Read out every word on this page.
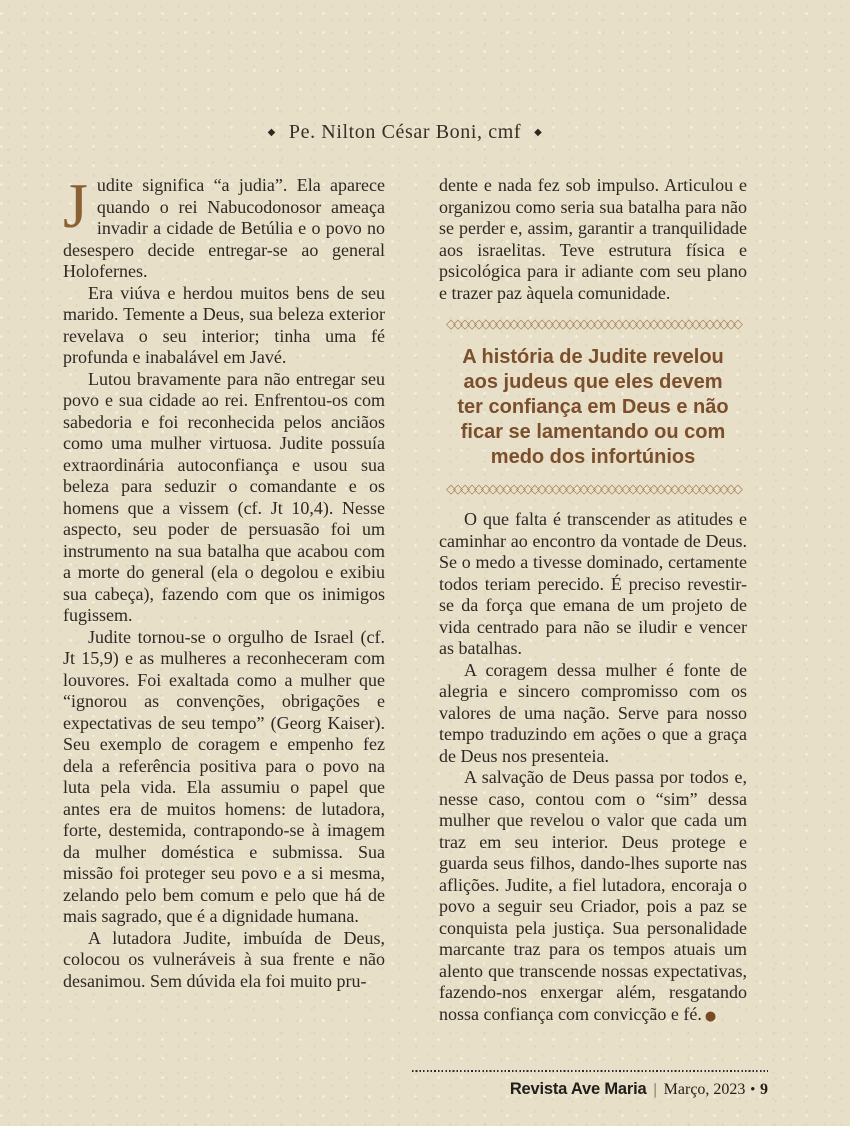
◆ Pe. Nilton César Boni, cmf ◆

Judite significa “a judia”. Ela aparece quando o rei Nabucodonosor ameaça invadir a cidade de Betúlia e o povo no desespero decide entregar-se ao general Holofernes.

Era viúva e herdou muitos bens de seu marido. Temente a Deus, sua beleza exterior revelava o seu interior; tinha uma fé profunda e inabalável em Javé.

Lutou bravamente para não entregar seu povo e sua cidade ao rei. Enfrentou-os com sabedoria e foi reconhecida pelos anciãos como uma mulher virtuosa. Judite possuía extraordinária autoconfiança e usou sua beleza para seduzir o comandante e os homens que a vissem (cf. Jt 10,4). Nesse aspecto, seu poder de persuasão foi um instrumento na sua batalha que acabou com a morte do general (ela o degolou e exibiu sua cabeça), fazendo com que os inimigos fugissem.

Judite tornou-se o orgulho de Israel (cf. Jt 15,9) e as mulheres a reconheceram com louvores. Foi exaltada como a mulher que “ignorou as convenções, obrigações e expectativas de seu tempo” (Georg Kaiser). Seu exemplo de coragem e empenho fez dela a referência positiva para o povo na luta pela vida. Ela assumiu o papel que antes era de muitos homens: de lutadora, forte, destemida, contrapondo-se à imagem da mulher doméstica e submissa. Sua missão foi proteger seu povo e a si mesma, zelando pelo bem comum e pelo que há de mais sagrado, que é a dignidade humana.

A lutadora Judite, imbuída de Deus, colocou os vulneráveis à sua frente e não desanimou. Sem dúvida ela foi muito pru-

dente e nada fez sob impulso. Articulou e organizou como seria sua batalha para não se perder e, assim, garantir a tranquilidade aos israelitas. Teve estrutura física e psicológica para ir adiante com seu plano e trazer paz àquela comunidade.

◇◇◇◇◇◇◇◇◇◇◇◇◇◇◇◇◇◇◇◇◇◇◇◇◇◇◇◇◇◇◇◇◇◇◇◇◇◇◇◇◇◇
A história de Judite revelou
aos judeus que eles devem
ter confiança em Deus e não
ficar se lamentando ou com
medo dos infortúnios
◇◇◇◇◇◇◇◇◇◇◇◇◇◇◇◇◇◇◇◇◇◇◇◇◇◇◇◇◇◇◇◇◇◇◇◇◇◇◇◇◇◇

O que falta é transcender as atitudes e caminhar ao encontro da vontade de Deus. Se o medo a tivesse dominado, certamente todos teriam perecido. É preciso revestir-se da força que emana de um projeto de vida centrado para não se iludir e vencer as batalhas.

A coragem dessa mulher é fonte de alegria e sincero compromisso com os valores de uma nação. Serve para nosso tempo traduzindo em ações o que a graça de Deus nos presenteia.

A salvação de Deus passa por todos e, nesse caso, contou com o “sim” dessa mulher que revelou o valor que cada um traz em seu interior. Deus protege e guarda seus filhos, dando-lhes suporte nas aflições. Judite, a fiel lutadora, encoraja o povo a seguir seu Criador, pois a paz se conquista pela justiça. Sua personalidade marcante traz para os tempos atuais um alento que transcende nossas expectativas, fazendo-nos enxergar além, resgatando nossa confiança com convicção e fé. ●

Revista Ave Maria | Março, 2023 • 9
